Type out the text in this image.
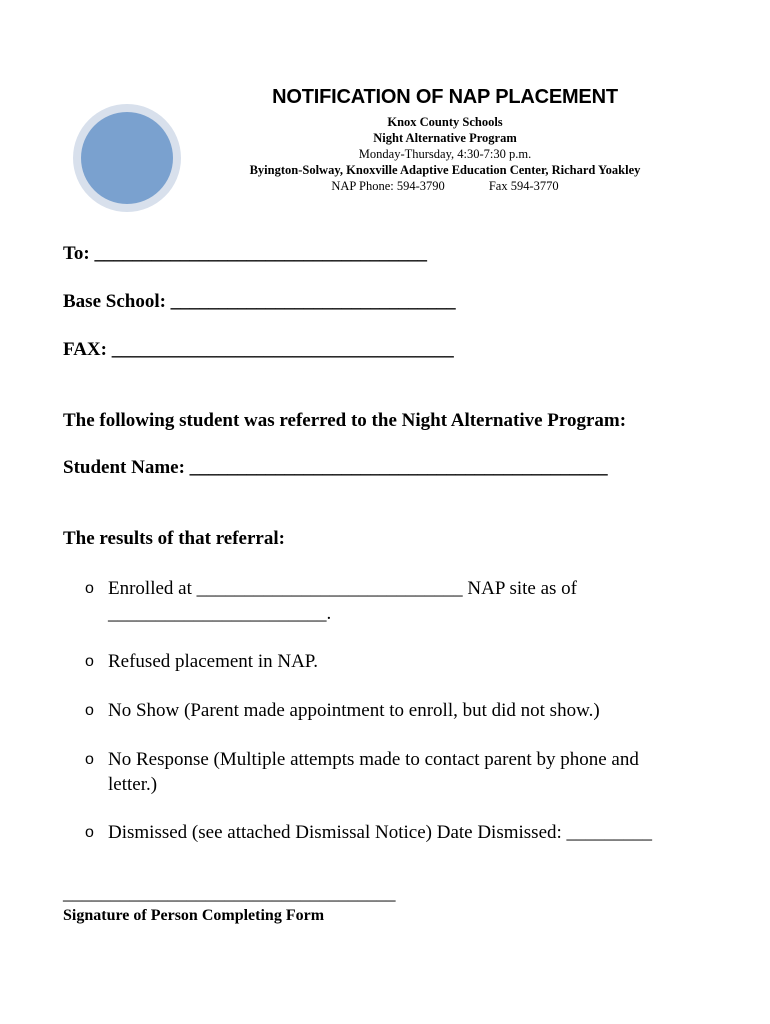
NOTIFICATION OF NAP PLACEMENT
Knox County Schools
Night Alternative Program
Monday-Thursday, 4:30-7:30 p.m.
Byington-Solway, Knoxville Adaptive Education Center, Richard Yoakley
NAP Phone: 594-3790	Fax 594-3770
To: ___________________________________
Base School: ______________________________
FAX: ____________________________________
The following student was referred to the Night Alternative Program:
Student Name: ____________________________________________
The results of that referral:
o Enrolled at ____________________________ NAP site as of _______________________.
o Refused placement in NAP.
o No Show (Parent made appointment to enroll, but did not show.)
o No Response (Multiple attempts made to contact parent by phone and letter.)
o Dismissed (see attached Dismissal Notice) Date Dismissed: _________
___________________________________
Signature of Person Completing Form
